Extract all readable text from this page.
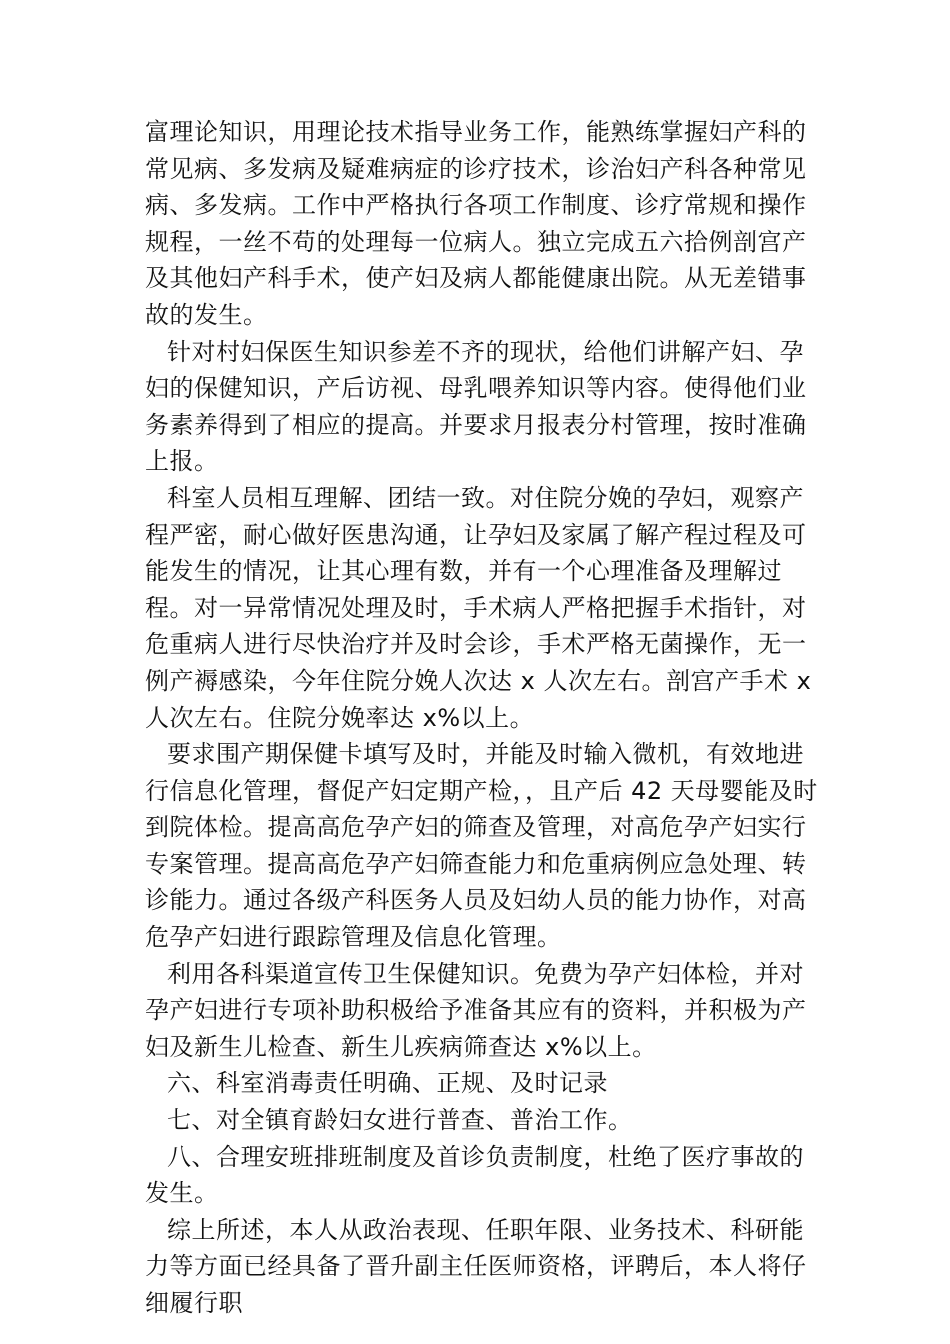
富理论知识，用理论技术指导业务工作，能熟练掌握妇产科的常见病、多发病及疑难病症的诊疗技术，诊治妇产科各种常见病、多发病。工作中严格执行各项工作制度、诊疗常规和操作规程，一丝不苟的处理每一位病人。独立完成五六拾例剖宫产及其他妇产科手术，使产妇及病人都能健康出院。从无差错事故的发生。

针对村妇保医生知识参差不齐的现状，给他们讲解产妇、孕妇的保健知识，产后访视、母乳喂养知识等内容。使得他们业务素养得到了相应的提高。并要求月报表分村管理，按时准确上报。

科室人员相互理解、团结一致。对住院分娩的孕妇，观察产程严密，耐心做好医患沟通，让孕妇及家属了解产程过程及可能发生的情况，让其心理有数，并有一个心理准备及理解过程。对一异常情况处理及时，手术病人严格把握手术指针，对危重病人进行尽快治疗并及时会诊，手术严格无菌操作，无一例产褥感染，今年住院分娩人次达 x 人次左右。剖宫产手术 x 人次左右。住院分娩率达 x%以上。

要求围产期保健卡填写及时，并能及时输入微机，有效地进行信息化管理，督促产妇定期产检，，且产后 42 天母婴能及时到院体检。提高高危孕产妇的筛查及管理，对高危孕产妇实行专案管理。提高高危孕产妇筛查能力和危重病例应急处理、转诊能力。通过各级产科医务人员及妇幼人员的能力协作，对高危孕产妇进行跟踪管理及信息化管理。

利用各科渠道宣传卫生保健知识。免费为孕产妇体检，并对孕产妇进行专项补助积极给予准备其应有的资料，并积极为产妇及新生儿检查、新生儿疾病筛查达 x%以上。

六、科室消毒责任明确、正规、及时记录

七、对全镇育龄妇女进行普查、普治工作。

八、合理安班排班制度及首诊负责制度，杜绝了医疗事故的发生。

综上所述，本人从政治表现、任职年限、业务技术、科研能力等方面已经具备了晋升副主任医师资格，评聘后，本人将仔细履行职
